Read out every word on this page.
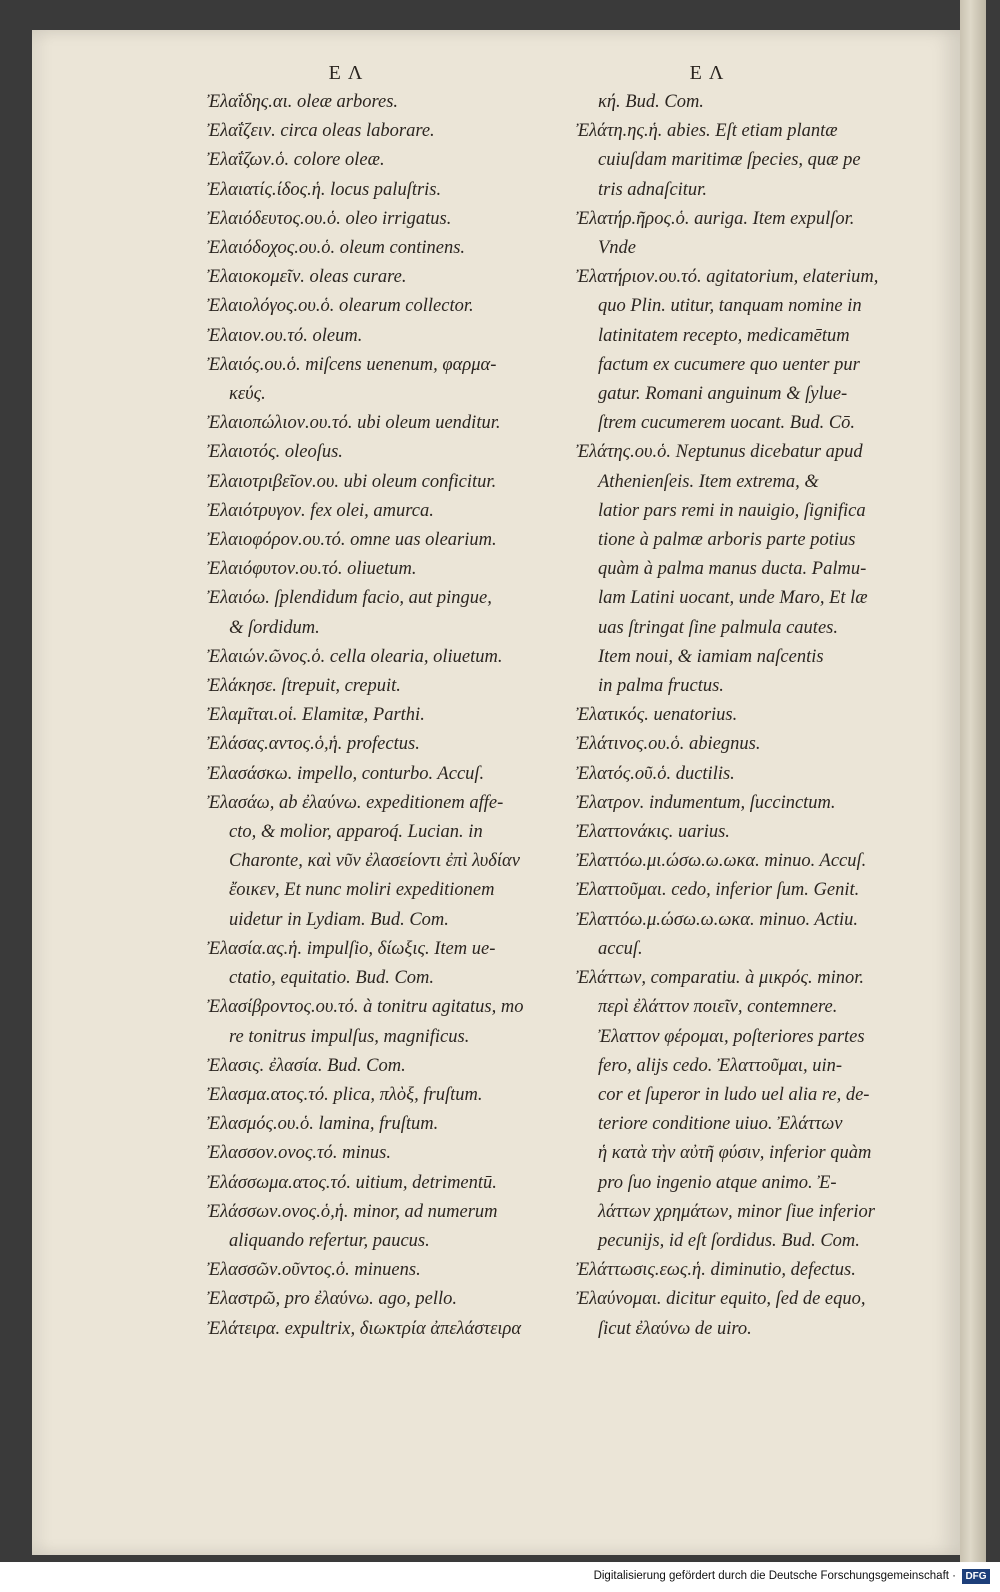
E Λ
Ἐλαΐδης.αι. oleæ arbores.
Ἐλαΐζειν. circa oleas laborare.
Ἐλαΐζων.ὁ. colore oleæ.
Ἐλαιατίς.ίδος.ἡ. locus paluſtris.
Ἐλαιόδευτος.ου.ὁ. oleo irrigatus.
Ἐλαιόδοχος.ου.ὁ. oleum continens.
Ἐλαιοκομεῖν. oleas curare.
Ἐλαιολόγος.ου.ὁ. olearum collector.
Ἐλαιον.ου.τό. oleum.
Ἐλαιός.ου.ὁ. miſcens uenenum, φαρμα-
κεύς.
Ἐλαιοπώλιον.ου.τό. ubi oleum uenditur.
Ἐλαιοτός. oleoſus.
Ἐλαιοτριβεῖον.ου. ubi oleum conficitur.
Ἐλαιότρυγον. fex olei, amurca.
Ἐλαιοφόρον.ου.τό. omne uas olearium.
Ἐλαιόφυτον.ου.τό. oliuetum.
Ἐλαιόω. ſplendidum facio, aut pingue,
& ſordidum.
Ἐλαιών.ῶνος.ὁ. cella olearia, oliuetum.
Ἐλάκησε. ſtrepuit, crepuit.
Ἐλαμῖται.οἱ. Elamitæ, Parthi.
Ἐλάσας.αντος.ὁ,ἡ. profectus.
Ἐλασάσκω. impello, conturbo. Accuſ.
Ἐλασάω, ab ἐλαύνω. expeditionem affe-
cto, & molior, apparoq́. Lucian. in
Charonte, καὶ νῦν ἐλασείοντι ἐπὶ λυδίαν
ἔοικεν, Et nunc moliri expeditionem
uidetur in Lydiam. Bud. Com.
Ἐλασία.ας.ἡ. impulſio, δίωξις. Item ue-
ctatio, equitatio. Bud. Com.
Ἐλασίβροντος.ου.τό. à tonitru agitatus, mo
re tonitrus impulſus, magnificus.
Ἐλασις. ἐλασία. Bud. Com.
Ἐλασμα.ατος.τό. plica, πλὸξ, fruſtum.
Ἐλασμός.ου.ὁ. lamina, fruſtum.
Ἐλασσον.ονος.τό. minus.
Ἐλάσσωμα.ατος.τό. uitium, detrimentū.
Ἐλάσσων.ονος.ὁ,ἡ. minor, ad numerum
aliquando refertur, paucus.
Ἐλασσῶν.οῦντος.ὁ. minuens.
Ἐλαστρῶ, pro ἐλαύνω. ago, pello.
Ἐλάτειρα. expultrix, διωκτρία ἀπελάστειρα
E Λ
κή. Bud. Com.
Ἐλάτη.ης.ἡ. abies. Eſt etiam plantæ
cuiuſdam maritimæ ſpecies, quæ pe
tris adnaſcitur.
Ἐλατήρ.ῆρος.ὁ. auriga. Item expulſor.
Vnde
Ἐλατήριον.ου.τό. agitatorium, elaterium,
quo Plin. utitur, tanquam nomine in
latinitatem recepto, medicamētum
factum ex cucumere quo uenter pur
gatur. Romani anguinum & ſylue-
ſtrem cucumerem uocant. Bud. Cō.
Ἐλάτης.ου.ὁ. Neptunus dicebatur apud
Athenienſeis. Item extrema, &
latior pars remi in nauigio, ſignifica
tione à palmæ arboris parte potius
quàm à palma manus ducta. Palmu-
lam Latini uocant, unde Maro, Et læ
uas ſtringat ſine palmula cautes.
Item noui, & iamiam naſcentis
in palma fructus.
Ἐλατικός. uenatorius.
Ἐλάτινος.ου.ὁ. abiegnus.
Ἐλατός.οῦ.ὁ. ductilis.
Ἐλατρον. indumentum, ſuccinctum.
Ἐλαττονάκις. uarius.
Ἐλαττόω.μι.ώσω.ω.ωκα. minuo. Accuſ.
Ἐλαττοῦμαι. cedo, inferior ſum. Genit.
Ἐλαττόω.μ.ώσω.ω.ωκα. minuo. Actiu.
accuſ.
Ἐλάττων, comparatiu. à μικρός. minor.
περὶ ἐλάττον ποιεῖν, contemnere.
Ἐλαττον φέρομαι, poſteriores partes
fero, alijs cedo. Ἐλαττοῦμαι, uin-
cor et ſuperor in ludo uel alia re, de-
teriore conditione uiuo. Ἐλάττων
ἡ κατὰ τὴν αὐτῆ φύσιν, inferior quàm
pro ſuo ingenio atque animo. Ἐ-
λάττων χρημάτων, minor ſiue inferior
pecunijs, id eſt ſordidus. Bud. Com.
Ἐλάττωσις.εως.ἡ. diminutio, defectus.
Ἐλαύνομαι. dicitur equito, ſed de equo,
ſicut ἐλαύνω de uiro.
Digitalisierung gefördert durch die Deutsche Forschungsgemeinschaft · DFG
